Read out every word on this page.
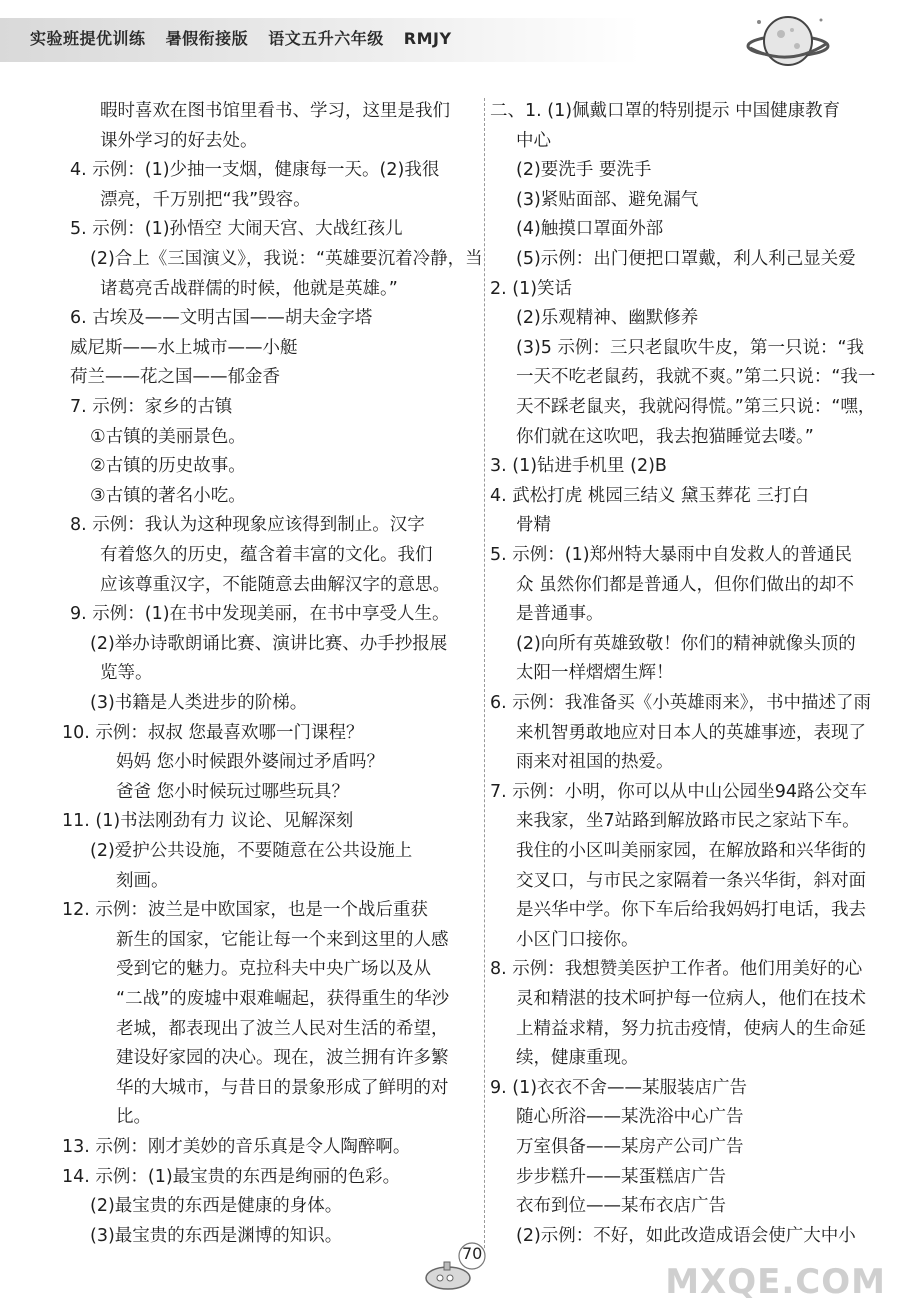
实验班提优训练 暑假衔接版 语文五升六年级 RMJY
暇时喜欢在图书馆里看书、学习，这里是我们
课外学习的好去处。
4. 示例：(1)少抽一支烟，健康每一天。(2)我很
漂亮，千万别把“我”毁容。
5. 示例：(1)孙悟空 大闹天宫、大战红孩儿
(2)合上《三国演义》，我说：“英雄要沉着冷静，当
诸葛亮舌战群儒的时候，他就是英雄。”
6. 古埃及——文明古国——胡夫金字塔
威尼斯——水上城市——小艇
荷兰——花之国——郁金香
7. 示例：家乡的古镇
①古镇的美丽景色。
②古镇的历史故事。
③古镇的著名小吃。
8. 示例：我认为这种现象应该得到制止。汉字
有着悠久的历史，蕴含着丰富的文化。我们
应该尊重汉字，不能随意去曲解汉字的意思。
9. 示例：(1)在书中发现美丽，在书中享受人生。
(2)举办诗歌朗诵比赛、演讲比赛、办手抄报展
览等。
(3)书籍是人类进步的阶梯。
10. 示例：叔叔 您最喜欢哪一门课程？
妈妈 您小时候跟外婆闹过矛盾吗？
爸爸 您小时候玩过哪些玩具？
11. (1)书法刚劲有力 议论、见解深刻
(2)爱护公共设施，不要随意在公共设施上
刻画。
12. 示例：波兰是中欧国家，也是一个战后重获
新生的国家，它能让每一个来到这里的人感
受到它的魅力。克拉科夫中央广场以及从
“二战”的废墟中艰难崛起，获得重生的华沙
老城，都表现出了波兰人民对生活的希望，
建设好家园的决心。现在，波兰拥有许多繁
华的大城市，与昔日的景象形成了鲜明的对
比。
13. 示例：刚才美妙的音乐真是令人陶醉啊。
14. 示例：(1)最宝贵的东西是绚丽的色彩。
(2)最宝贵的东西是健康的身体。
(3)最宝贵的东西是渊博的知识。
二、1. (1)佩戴口罩的特别提示 中国健康教育
中心
(2)要洗手 要洗手
(3)紧贴面部、避免漏气
(4)触摸口罩面外部
(5)示例：出门便把口罩戴，利人利己显关爱
2. (1)笑话
(2)乐观精神、幽默修养
(3)5 示例：三只老鼠吹牛皮，第一只说：“我
一天不吃老鼠药，我就不爽。”第二只说：“我一
天不踩老鼠夹，我就闷得慌。”第三只说：“嘿，
你们就在这吹吧，我去抱猫睡觉去喽。”
3. (1)钻进手机里 (2)B
4. 武松打虎 桃园三结义 黛玉葬花 三打白
骨精
5. 示例：(1)郑州特大暴雨中自发救人的普通民
众 虽然你们都是普通人，但你们做出的却不
是普通事。
(2)向所有英雄致敬！你们的精神就像头顶的
太阳一样熠熠生辉！
6. 示例：我准备买《小英雄雨来》，书中描述了雨
来机智勇敢地应对日本人的英雄事迹，表现了
雨来对祖国的热爱。
7. 示例：小明，你可以从中山公园坐94路公交车
来我家，坐7站路到解放路市民之家站下车。
我住的小区叫美丽家园，在解放路和兴华街的
交叉口，与市民之家隔着一条兴华街，斜对面
是兴华中学。你下车后给我妈妈打电话，我去
小区门口接你。
8. 示例：我想赞美医护工作者。他们用美好的心
灵和精湛的技术呵护每一位病人，他们在技术
上精益求精，努力抗击疫情，使病人的生命延
续，健康重现。
9. (1)衣衣不舍——某服装店广告
随心所浴——某洗浴中心广告
万室俱备——某房产公司广告
步步糕升——某蛋糕店广告
衣布到位——某布衣店广告
(2)示例：不好，如此改造成语会使广大中小
70
MXQE.COM
